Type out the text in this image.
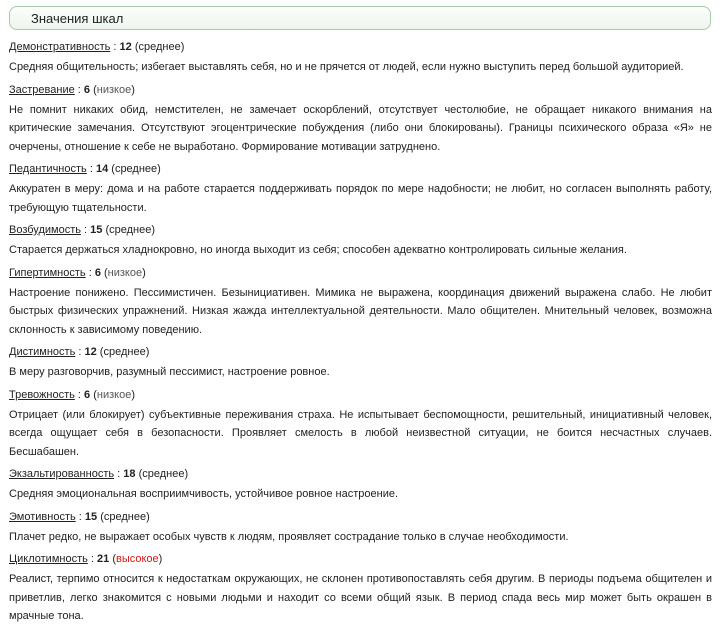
Значения шкал
Демонстративность : 12 (среднее)

Средняя общительность; избегает выставлять себя, но и не прячется от людей, если нужно выступить перед большой аудиторией.

Застревание : 6 (низкое)

Не помнит никаких обид, немстителен, не замечает оскорблений, отсутствует честолюбие, не обращает никакого внимания на критические замечания. Отсутствуют эгоцентрические побуждения (либо они блокированы). Границы психического образа «Я» не очерчены, отношение к себе не выработано. Формирование мотивации затруднено.

Педантичность : 14 (среднее)

Аккуратен в меру: дома и на работе старается поддерживать порядок по мере надобности; не любит, но согласен выполнять работу, требующую тщательности.

Возбудимость : 15 (среднее)

Старается держаться хладнокровно, но иногда выходит из себя; способен адекватно контролировать сильные желания.

Гипертимность : 6 (низкое)

Настроение понижено. Пессимистичен. Безынициативен. Мимика не выражена, координация движений выражена слабо. Не любит быстрых физических упражнений. Низкая жажда интеллектуальной деятельности. Мало общителен. Мнительный человек, возможна склонность к зависимому поведению.

Дистимность : 12 (среднее)

В меру разговорчив, разумный пессимист, настроение ровное.

Тревожность : 6 (низкое)

Отрицает (или блокирует) субъективные переживания страха. Не испытывает беспомощности, решительный, инициативный человек, всегда ощущает себя в безопасности. Проявляет смелость в любой неизвестной ситуации, не боится несчастных случаев. Бесшабашен.

Экзальтированность : 18 (среднее)

Средняя эмоциональная восприимчивость, устойчивое ровное настроение.

Эмотивность : 15 (среднее)

Плачет редко, не выражает особых чувств к людям, проявляет сострадание только в случае необходимости.

Циклотимность : 21 (высокое)

Реалист, терпимо относится к недостаткам окружающих, не склонен противопоставлять себя другим. В периоды подъема общителен и приветлив, легко знакомится с новыми людьми и находит со всеми общий язык. В период спада весь мир может быть окрашен в мрачные тона.
